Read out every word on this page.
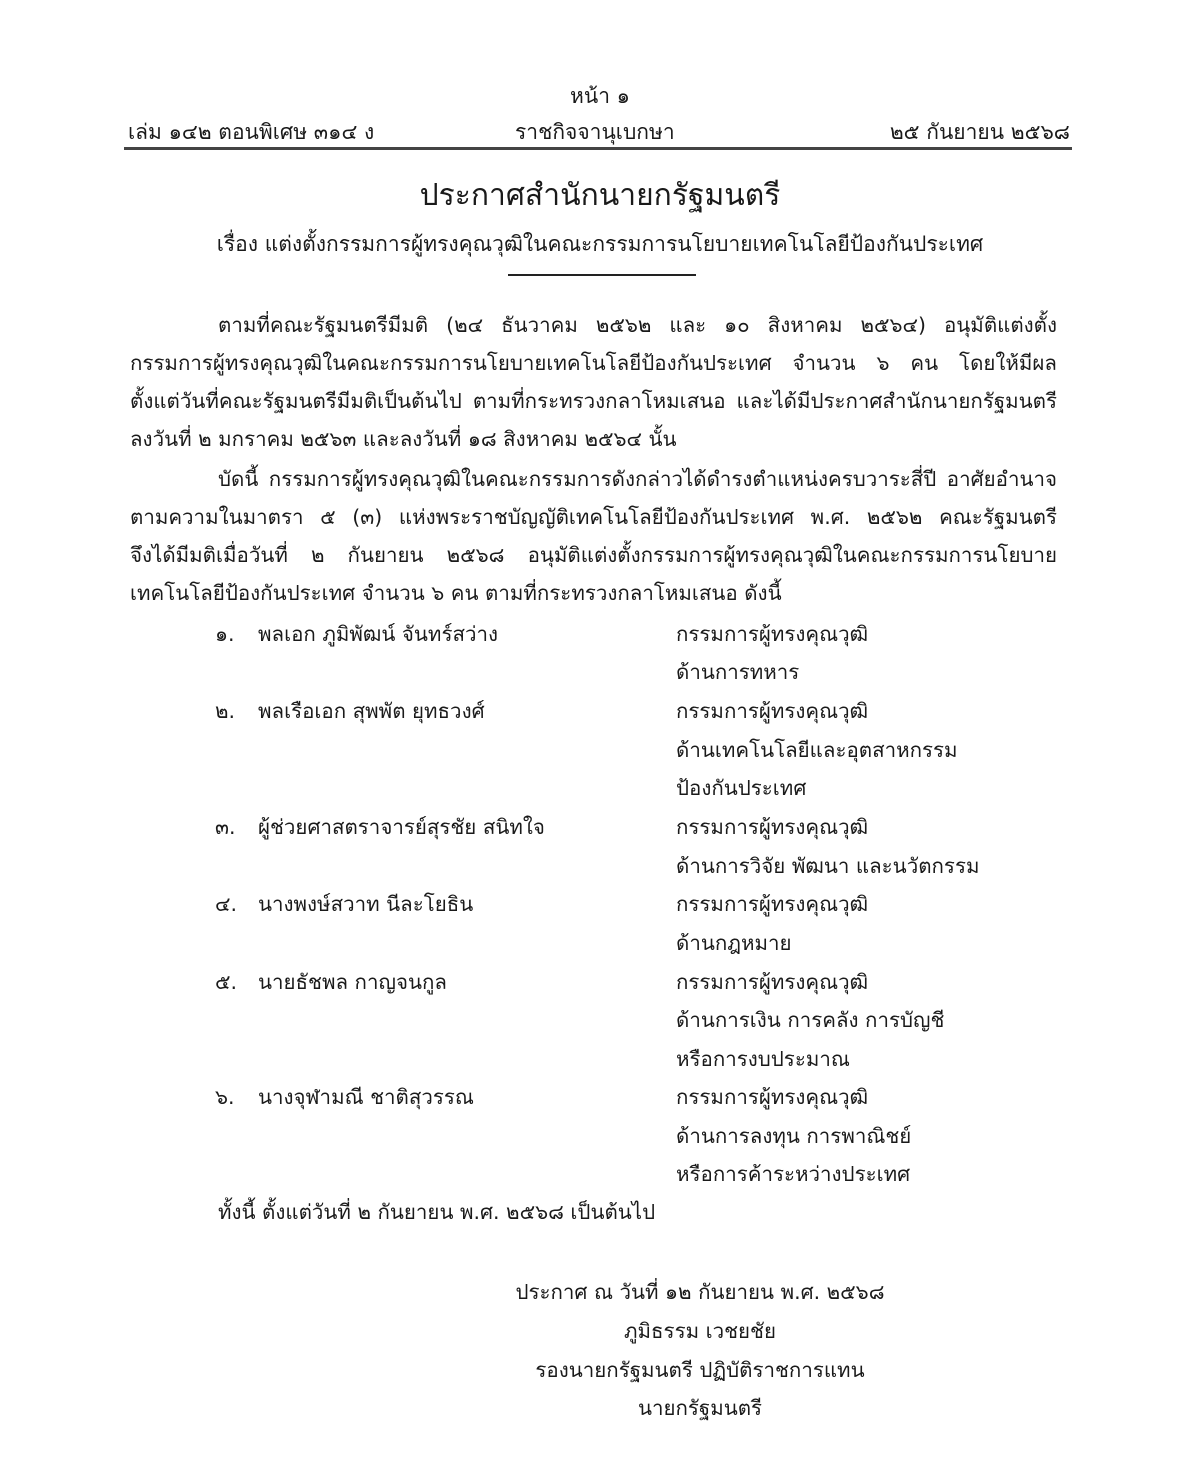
หน้า ๑
เล่ม ๑๔๒ ตอนพิเศษ ๓๑๔ ง	ราชกิจจานุเบกษา	๒๕ กันยายน ๒๕๖๘
ประกาศสำนักนายกรัฐมนตรี
เรื่อง แต่งตั้งกรรมการผู้ทรงคุณวุฒิในคณะกรรมการนโยบายเทคโนโลยีป้องกันประเทศ
ตามที่คณะรัฐมนตรีมีมติ (๒๔ ธันวาคม ๒๕๖๒ และ ๑๐ สิงหาคม ๒๕๖๔) อนุมัติแต่งตั้ง
กรรมการผู้ทรงคุณวุฒิในคณะกรรมการนโยบายเทคโนโลยีป้องกันประเทศ จำนวน ๖ คน โดยให้มีผล
ตั้งแต่วันที่คณะรัฐมนตรีมีมติเป็นต้นไป ตามที่กระทรวงกลาโหมเสนอ และได้มีประกาศสำนักนายกรัฐมนตรี
ลงวันที่ ๒ มกราคม ๒๕๖๓ และลงวันที่ ๑๘ สิงหาคม ๒๕๖๔ นั้น
บัดนี้ กรรมการผู้ทรงคุณวุฒิในคณะกรรมการดังกล่าวได้ดำรงตำแหน่งครบวาระสี่ปี อาศัยอำนาจ
ตามความในมาตรา ๕ (๓) แห่งพระราชบัญญัติเทคโนโลยีป้องกันประเทศ พ.ศ. ๒๕๖๒ คณะรัฐมนตรี
จึงได้มีมติเมื่อวันที่ ๒ กันยายน ๒๕๖๘ อนุมัติแต่งตั้งกรรมการผู้ทรงคุณวุฒิในคณะกรรมการนโยบาย
เทคโนโลยีป้องกันประเทศ จำนวน ๖ คน ตามที่กระทรวงกลาโหมเสนอ ดังนี้
๑. พลเอก ภูมิพัฒน์ จันทร์สว่าง	กรรมการผู้ทรงคุณวุฒิ
ด้านการทหาร
๒. พลเรือเอก สุพพัต ยุทธวงศ์	กรรมการผู้ทรงคุณวุฒิ
ด้านเทคโนโลยีและอุตสาหกรรม
ป้องกันประเทศ
๓. ผู้ช่วยศาสตราจารย์สุรชัย สนิทใจ	กรรมการผู้ทรงคุณวุฒิ
ด้านการวิจัย พัฒนา และนวัตกรรม
๔. นางพงษ์สวาท นีละโยธิน	กรรมการผู้ทรงคุณวุฒิ
ด้านกฎหมาย
๕. นายธัชพล กาญจนกูล	กรรมการผู้ทรงคุณวุฒิ
ด้านการเงิน การคลัง การบัญชี
หรือการงบประมาณ
๖. นางจุฬามณี ชาติสุวรรณ	กรรมการผู้ทรงคุณวุฒิ
ด้านการลงทุน การพาณิชย์
หรือการค้าระหว่างประเทศ
ทั้งนี้ ตั้งแต่วันที่ ๒ กันยายน พ.ศ. ๒๕๖๘ เป็นต้นไป
ประกาศ ณ วันที่ ๑๒ กันยายน พ.ศ. ๒๕๖๘
ภูมิธรรม เวชยชัย
รองนายกรัฐมนตรี ปฏิบัติราชการแทน
นายกรัฐมนตรี
